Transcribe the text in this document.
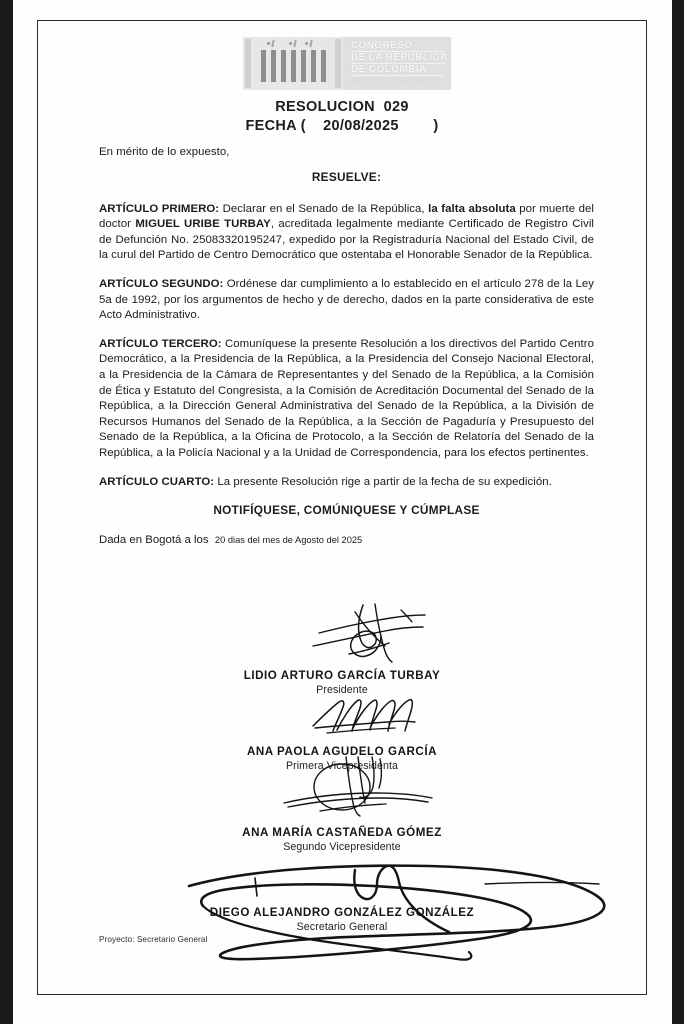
CONGRESO
DE LA REPÚBLICA
DE COLOMBIA
SENADO DE LA REPÚBLICA
RESOLUCION  029
FECHA (    20/08/2025        )

En mérito de lo expuesto,

RESUELVE:

ARTÍCULO PRIMERO: Declarar en el Senado de la República, la falta absoluta por muerte del doctor MIGUEL URIBE TURBAY, acreditada legalmente mediante Certificado de Registro Civil de Defunción No. 25083320195247, expedido por la Registraduría Nacional del Estado Civil, de la curul del Partido de Centro Democrático que ostentaba el Honorable Senador de la República.

ARTÍCULO SEGUNDO: Ordénese dar cumplimiento a lo establecido en el artículo 278 de la Ley 5a de 1992, por los argumentos de hecho y de derecho, dados en la parte considerativa de este Acto Administrativo.

ARTÍCULO TERCERO: Comuníquese la presente Resolución a los directivos del Partido Centro Democrático, a la Presidencia de la República, a la Presidencia del Consejo Nacional Electoral, a la Presidencia de la Cámara de Representantes y del Senado de la República, a la Comisión de Ética y Estatuto del Congresista, a la Comisión de Acreditación Documental del Senado de la República, a la Dirección General Administrativa del Senado de la República, a la División de Recursos Humanos del Senado de la República, a la Sección de Pagaduría y Presupuesto del Senado de la República, a la Oficina de Protocolo, a la Sección de Relatoría del Senado de la República, a la Policía Nacional y a la Unidad de Correspondencia, para los efectos pertinentes.

ARTÍCULO CUARTO: La presente Resolución rige a partir de la fecha de su expedición.

NOTIFÍQUESE, COMÚNIQUESE Y CÚMPLASE

Dada en Bogotá a los 20 dias del mes de Agosto del 2025

LIDIO ARTURO GARCÍA TURBAY
Presidente
ANA PAOLA AGUDELO GARCÍA
Primera Vicepresidenta
ANA MARÍA CASTAÑEDA GÓMEZ
Segundo Vicepresidente
DIEGO ALEJANDRO GONZÁLEZ GONZÁLEZ
Secretario General
Proyecto: Secretario General
